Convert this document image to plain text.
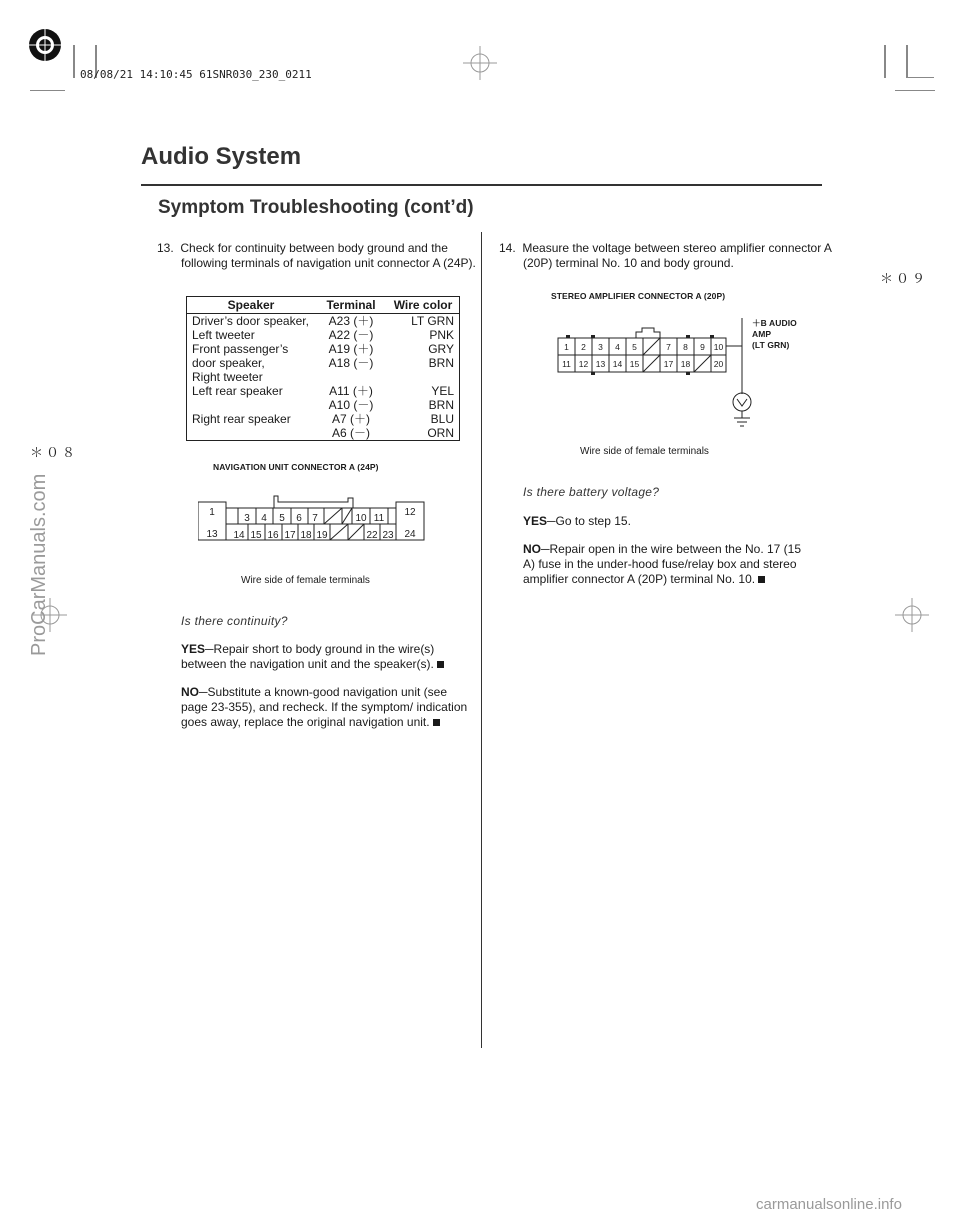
08/08/21 14:10:45 61SNR030_230_0211
Audio System
Symptom Troubleshooting (cont’d)
＊０９
＊０８
13. Check for continuity between body ground and the following terminals of navigation unit connector A (24P).
Speaker	Terminal	Wire color
Driver’s door speaker,	A23 (＋)	LT GRN
Left tweeter	A22 (－)	PNK
Front passenger’s	A19 (＋)	GRY
door speaker,	A18 (－)	BRN
Right tweeter		
Left rear speaker	A11 (＋)	YEL
	A10 (－)	BRN
Right rear speaker	A7 (＋)	BLU
	A6 (－)	ORN
NAVIGATION UNIT CONNECTOR A (24P)
1
3 4 5 6 7	10 11
12
13 14 15 16 17 18 19	22 23 24
Wire side of female terminals
Is there continuity?
YES─Repair short to body ground in the wire(s) between the navigation unit and the speaker(s).
NO─Substitute a known-good navigation unit (see page 23-355), and recheck. If the symptom/ indication goes away, replace the original navigation unit.
14. Measure the voltage between stereo amplifier connector A (20P) terminal No. 10 and body ground.
STEREO AMPLIFIER CONNECTOR A (20P)
1 2 3 4 5	7 8 9 10
11 12 13 14 15	17 18	20
＋B AUDIO
AMP
(LT GRN)
Wire side of female terminals
Is there battery voltage?
YES─Go to step 15.
NO─Repair open in the wire between the No. 17 (15 A) fuse in the under-hood fuse/relay box and stereo amplifier connector A (20P) terminal No. 10.
ProCarManuals.com
carmanualsonline.info
